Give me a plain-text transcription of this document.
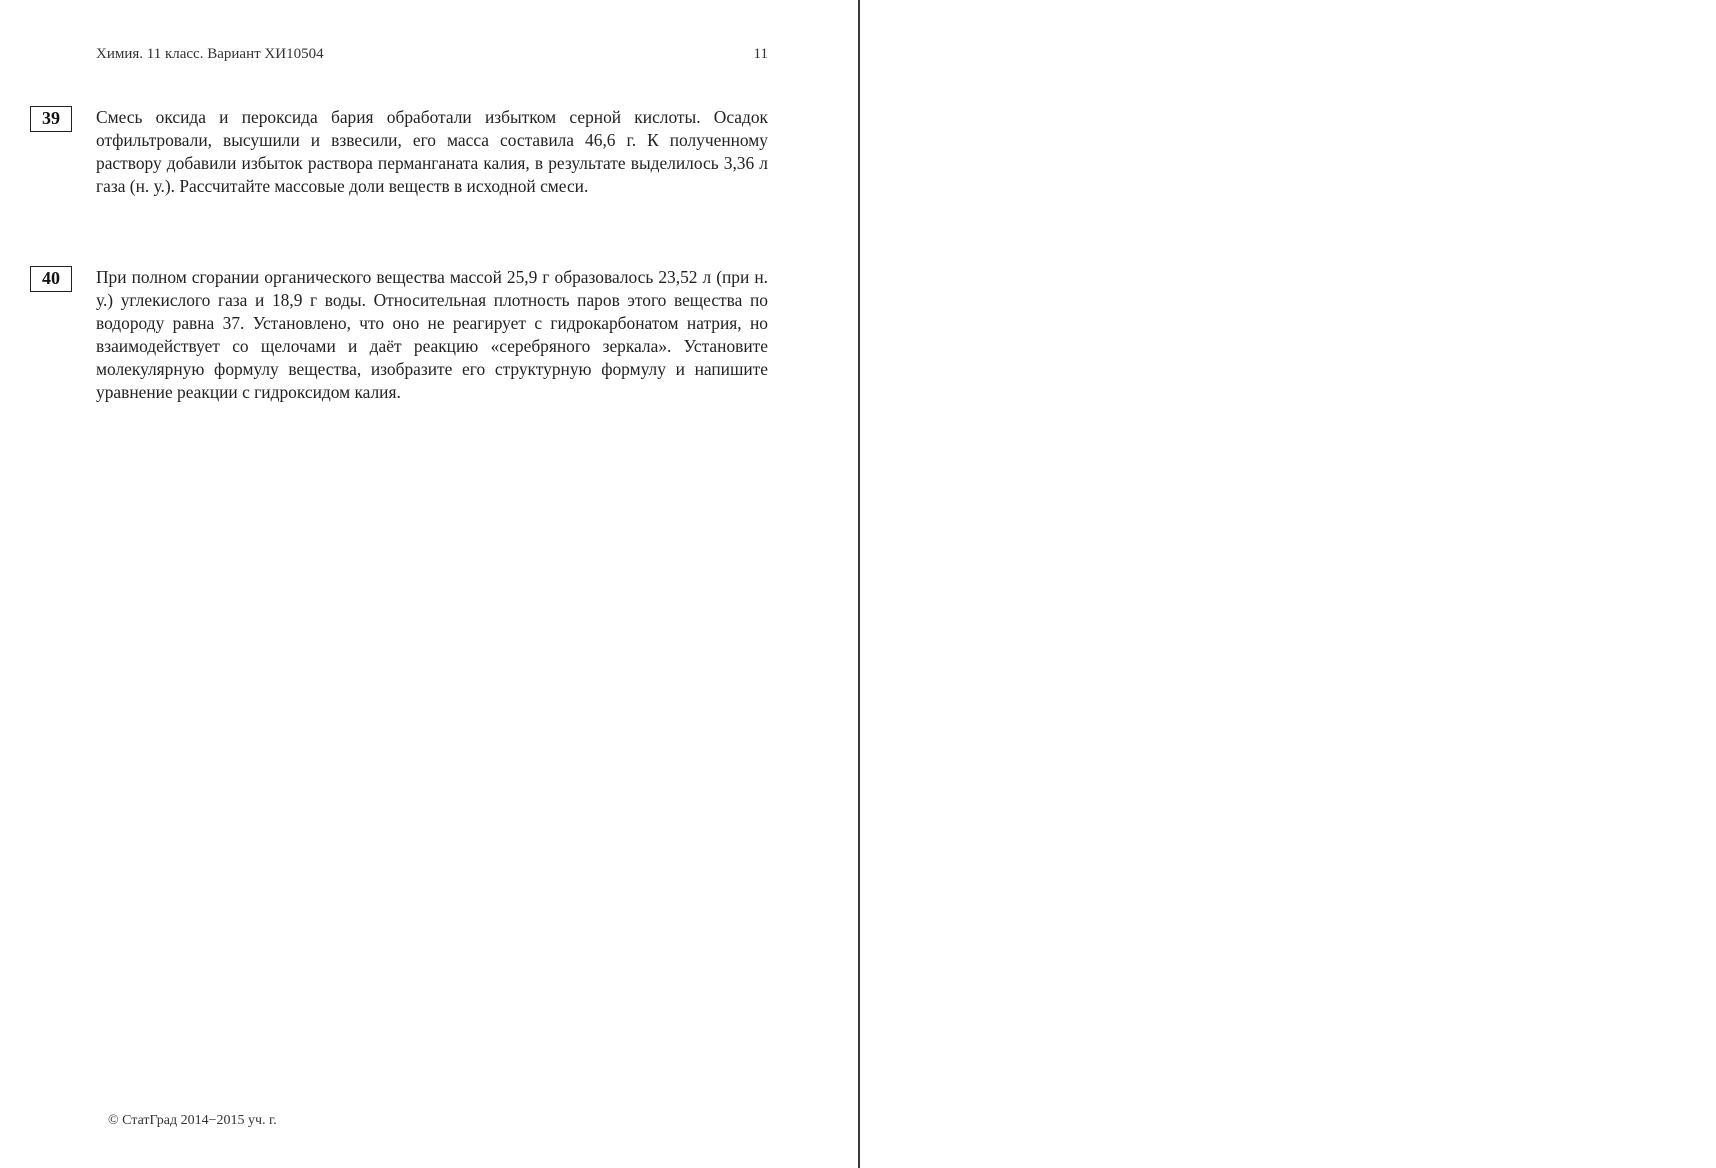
Химия. 11 класс. Вариант ХИ10504	11
39	Смесь оксида и пероксида бария обработали избытком серной кислоты. Осадок отфильтровали, высушили и взвесили, его масса составила 46,6 г. К полученному раствору добавили избыток раствора перманганата калия, в результате выделилось 3,36 л газа (н. у.). Рассчитайте массовые доли веществ в исходной смеси.
40	При полном сгорании органического вещества массой 25,9 г образовалось 23,52 л (при н. у.) углекислого газа и 18,9 г воды. Относительная плотность паров этого вещества по водороду равна 37. Установлено, что оно не реагирует с гидрокарбонатом натрия, но взаимодействует со щелочами и даёт реакцию «серебряного зеркала». Установите молекулярную формулу вещества, изобразите его структурную формулу и напишите уравнение реакции с гидроксидом калия.
© СтатГрад 2014−2015 уч. г.
